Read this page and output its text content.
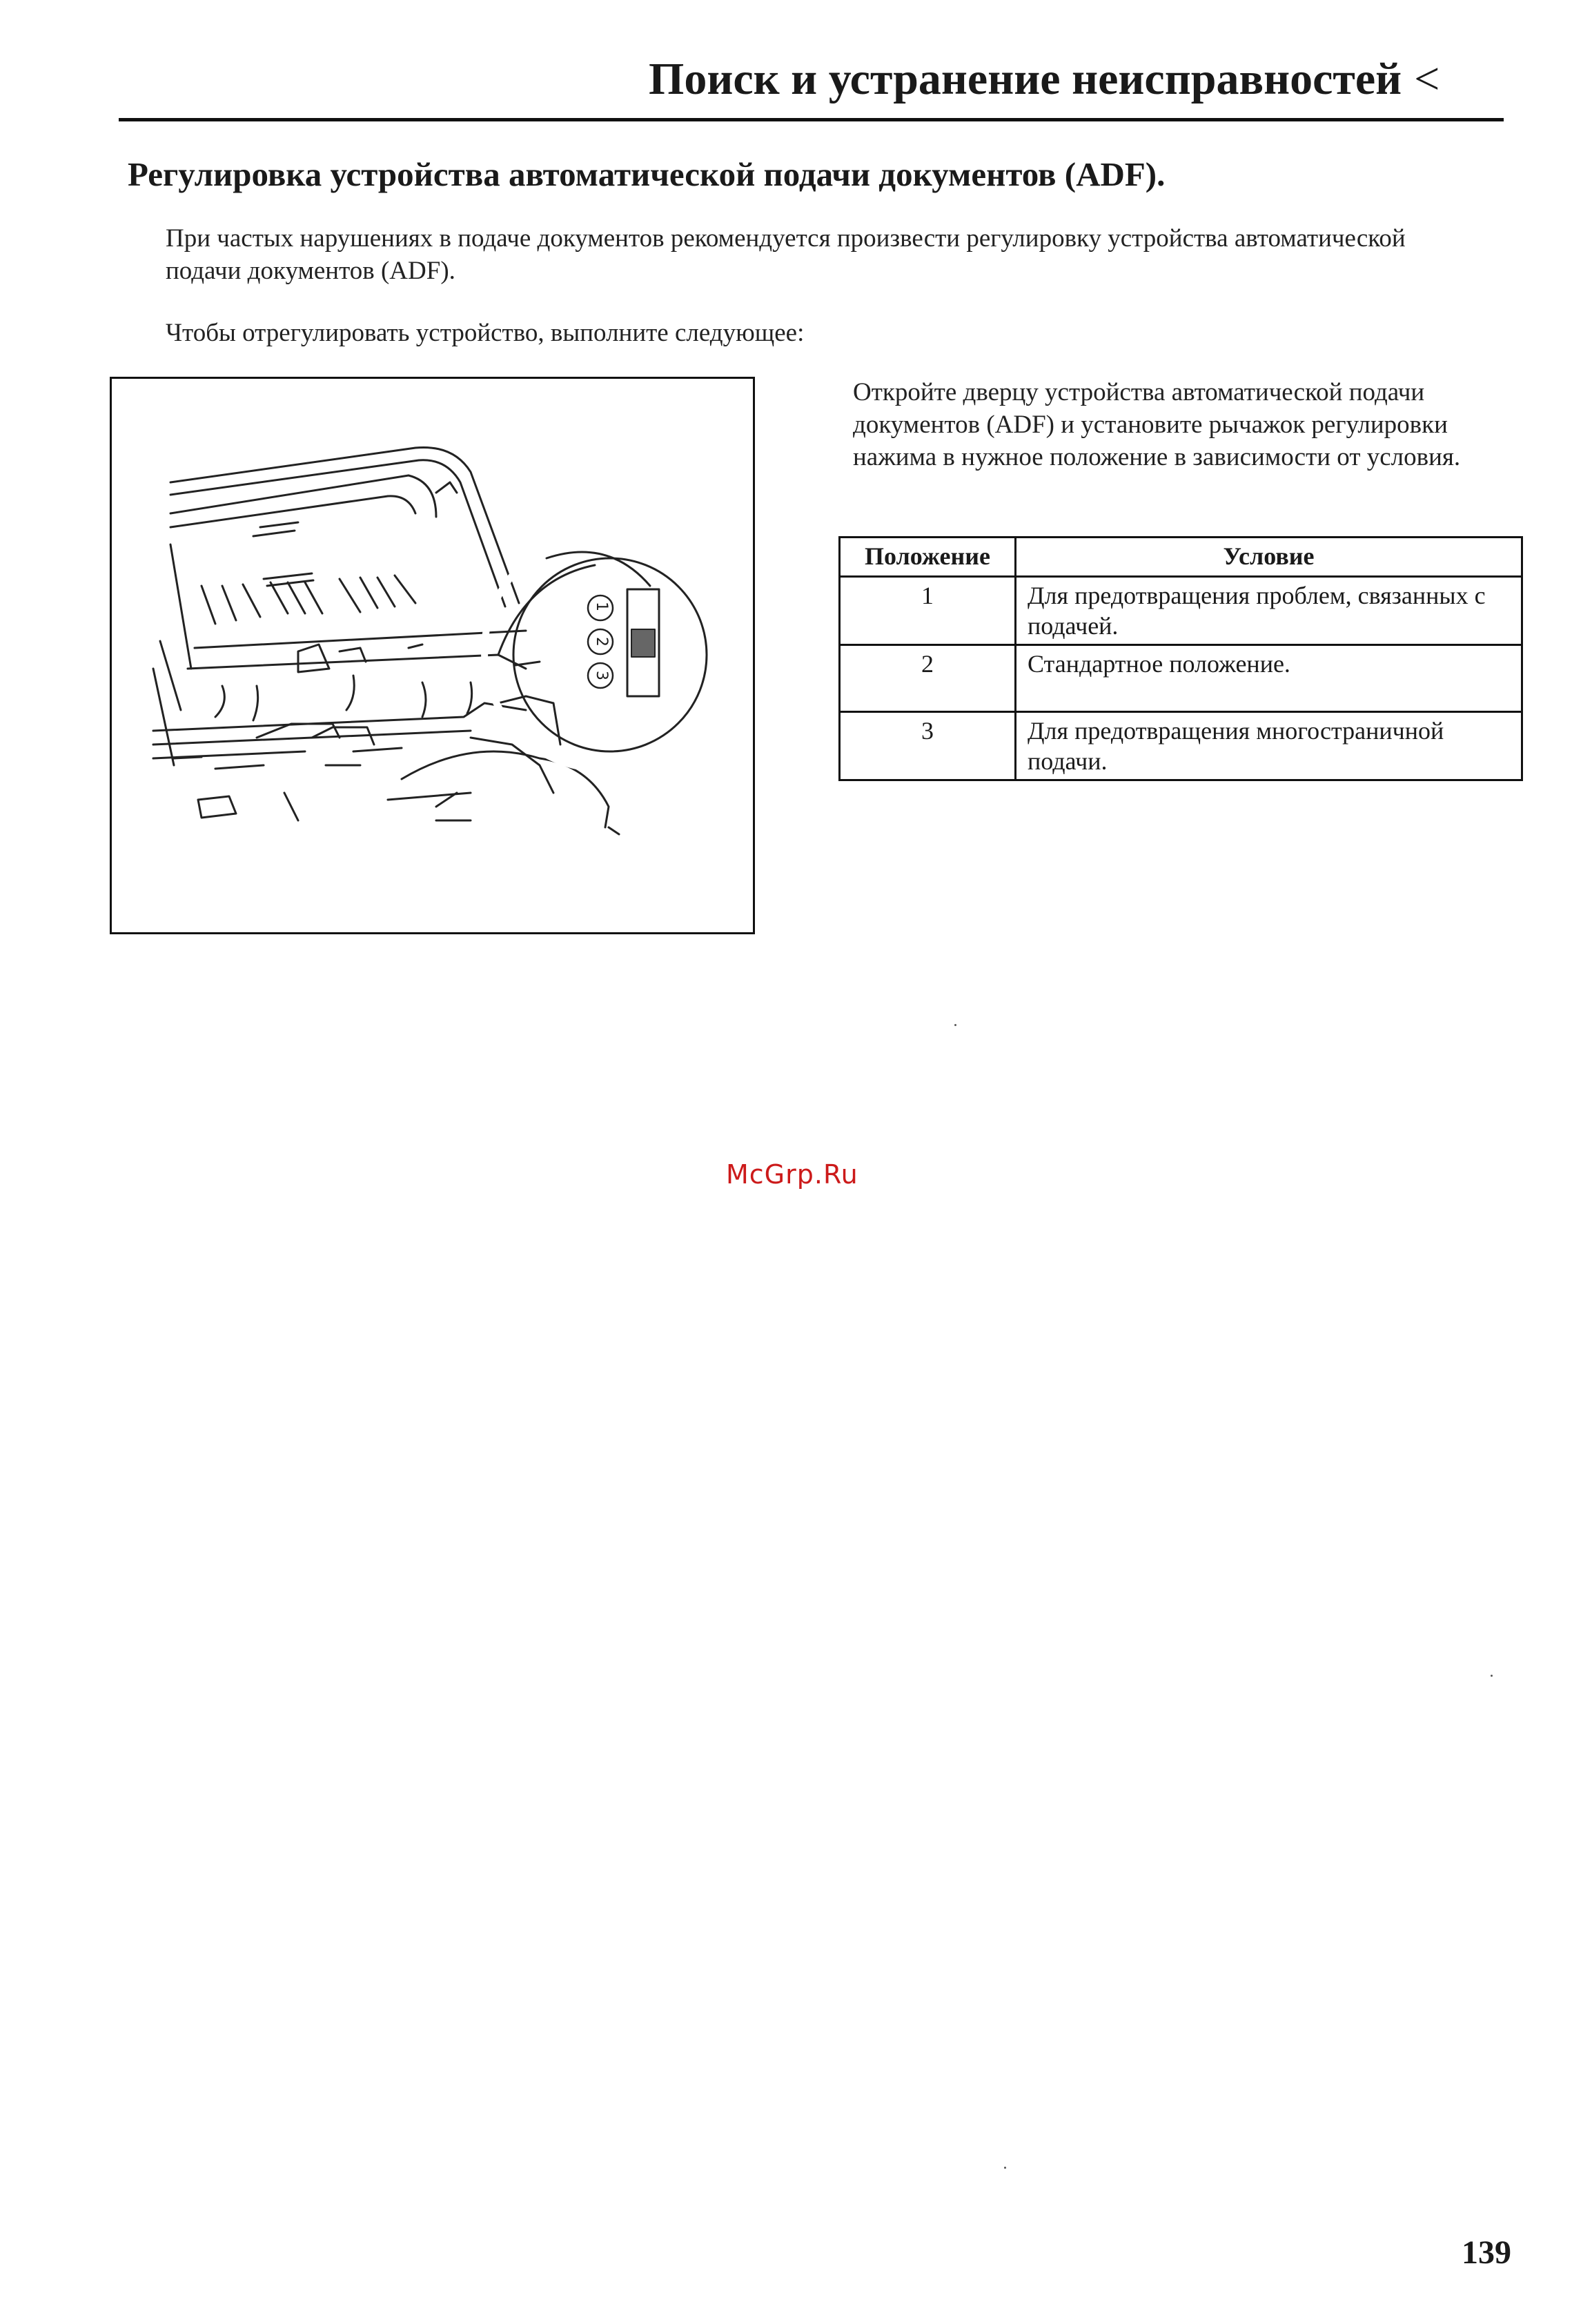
Поиск и устранение неисправностей <
Регулировка устройства автоматической подачи документов (ADF).
При частых нарушениях в подаче документов рекомендуется произвести регулировку устройства автоматической подачи документов (ADF).
Чтобы отрегулировать устройство, выполните следующее:
1
2
3
Откройте дверцу устройства автоматической подачи документов (ADF) и установите рычажок регулировки нажима в нужное положение в зависимости от условия.
Положение	Условие
1	Для предотвращения проблем, связанных с подачей.
2	Стандартное положение.
3	Для предотвращения многостраничной подачи.
McGrp.Ru
139
